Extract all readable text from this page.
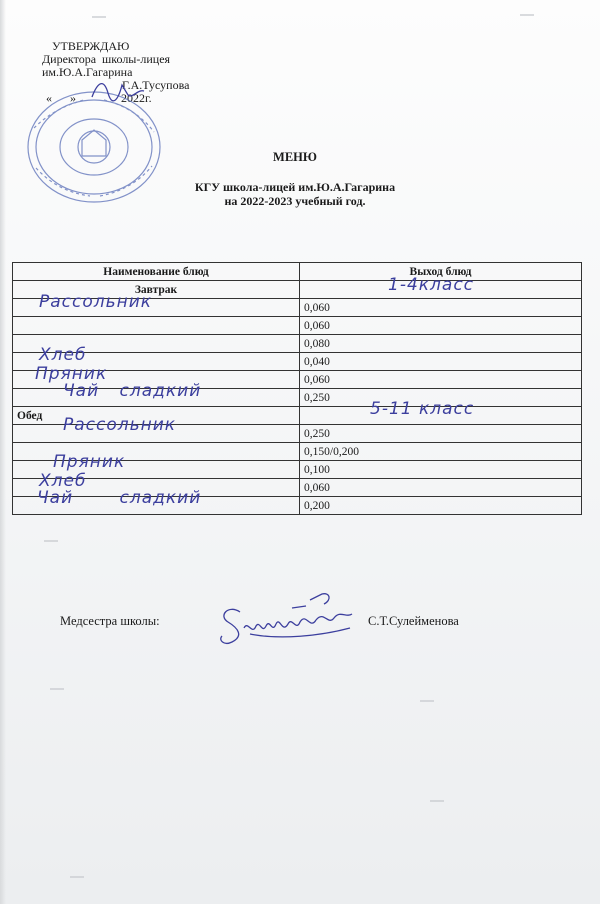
УТВЕРЖДАЮ
Директора  школы-лицея
им.Ю.А.Гагарина
Г.А.Тусупова
«      »               2022г.
МЕНЮ
КГУ школа-лицей им.Ю.А.Гагарина
на 2022-2023 учебный год.
Наименование блюд	Выход блюд
Завтрак	1-4класс

Рассольник	0,060

	0,060

	0,080

Хлеб	0,040

Пряник	0,060

Чай сладкий	0,250
Обед	5-11 класс

Рассольник	0,250

	0,150/0,200

Пряник	0,100

Хлеб	0,060

Чай сладкий	0,200
Медсестра школы:	С.Т.Сулейменова
